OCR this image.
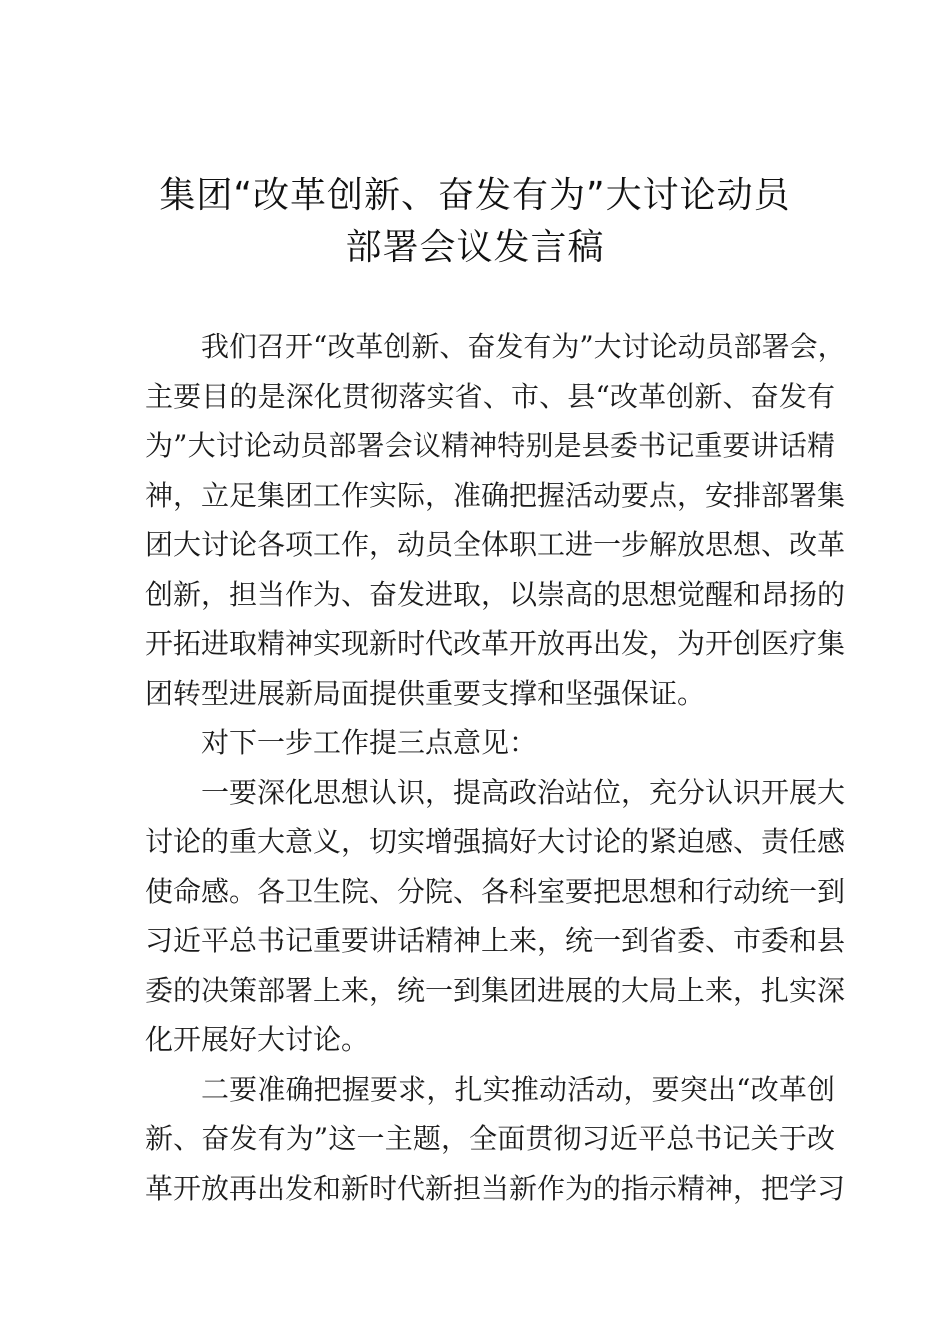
集团“改革创新、奋发有为”大讨论动员
部署会议发言稿
我们召开“改革创新、奋发有为”大讨论动员部署会，
主要目的是深化贯彻落实省、市、县“改革创新、奋发有
为”大讨论动员部署会议精神特别是县委书记重要讲话精
神，立足集团工作实际，准确把握活动要点，安排部署集
团大讨论各项工作，动员全体职工进一步解放思想、改革
创新，担当作为、奋发进取，以崇高的思想觉醒和昂扬的
开拓进取精神实现新时代改革开放再出发，为开创医疗集
团转型进展新局面提供重要支撑和坚强保证。
对下一步工作提三点意见：
一要深化思想认识，提高政治站位，充分认识开展大
讨论的重大意义，切实增强搞好大讨论的紧迫感、责任感
使命感。各卫生院、分院、各科室要把思想和行动统一到
习近平总书记重要讲话精神上来，统一到省委、市委和县
委的决策部署上来，统一到集团进展的大局上来，扎实深
化开展好大讨论。
二要准确把握要求，扎实推动活动，要突出“改革创
新、奋发有为”这一主题，全面贯彻习近平总书记关于改
革开放再出发和新时代新担当新作为的指示精神，把学习
